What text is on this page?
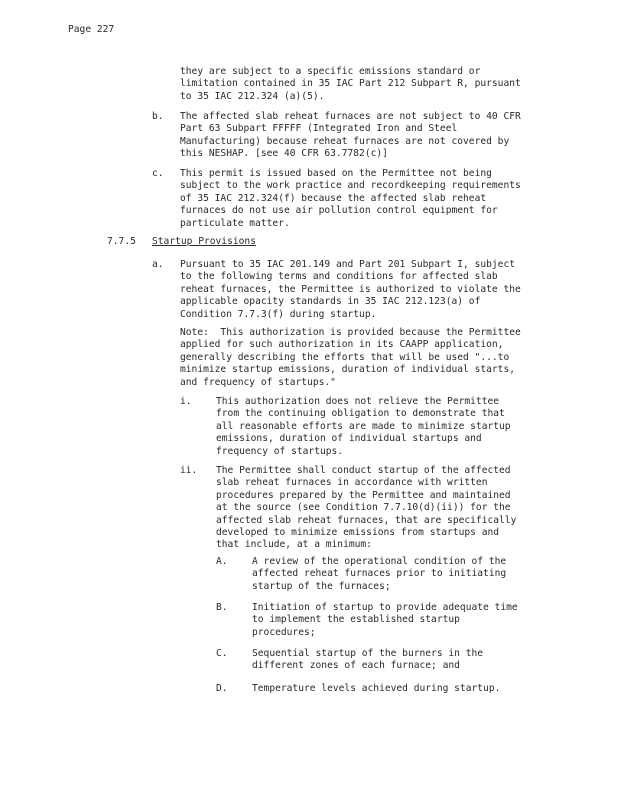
Page 227
they are subject to a specific emissions standard or
limitation contained in 35 IAC Part 212 Subpart R, pursuant
to 35 IAC 212.324 (a)(5).
b. The affected slab reheat furnaces are not subject to 40 CFR
Part 63 Subpart FFFFF (Integrated Iron and Steel
Manufacturing) because reheat furnaces are not covered by
this NESHAP. [see 40 CFR 63.7782(c)]
c. This permit is issued based on the Permittee not being
subject to the work practice and recordkeeping requirements
of 35 IAC 212.324(f) because the affected slab reheat
furnaces do not use air pollution control equipment for
particulate matter.
7.7.5 Startup Provisions
a. Pursuant to 35 IAC 201.149 and Part 201 Subpart I, subject
to the following terms and conditions for affected slab
reheat furnaces, the Permittee is authorized to violate the
applicable opacity standards in 35 IAC 212.123(a) of
Condition 7.7.3(f) during startup.
Note:  This authorization is provided because the Permittee
applied for such authorization in its CAAPP application,
generally describing the efforts that will be used "...to
minimize startup emissions, duration of individual starts,
and frequency of startups."
i.	This authorization does not relieve the Permittee
from the continuing obligation to demonstrate that
all reasonable efforts are made to minimize startup
emissions, duration of individual startups and
frequency of startups.
ii. The Permittee shall conduct startup of the affected
slab reheat furnaces in accordance with written
procedures prepared by the Permittee and maintained
at the source (see Condition 7.7.10(d)(ii)) for the
affected slab reheat furnaces, that are specifically
developed to minimize emissions from startups and
that include, at a minimum:
A.	A review of the operational condition of the
affected reheat furnaces prior to initiating
startup of the furnaces;
B.	Initiation of startup to provide adequate time
to implement the established startup
procedures;
C.	Sequential startup of the burners in the
different zones of each furnace; and
D.	Temperature levels achieved during startup.
